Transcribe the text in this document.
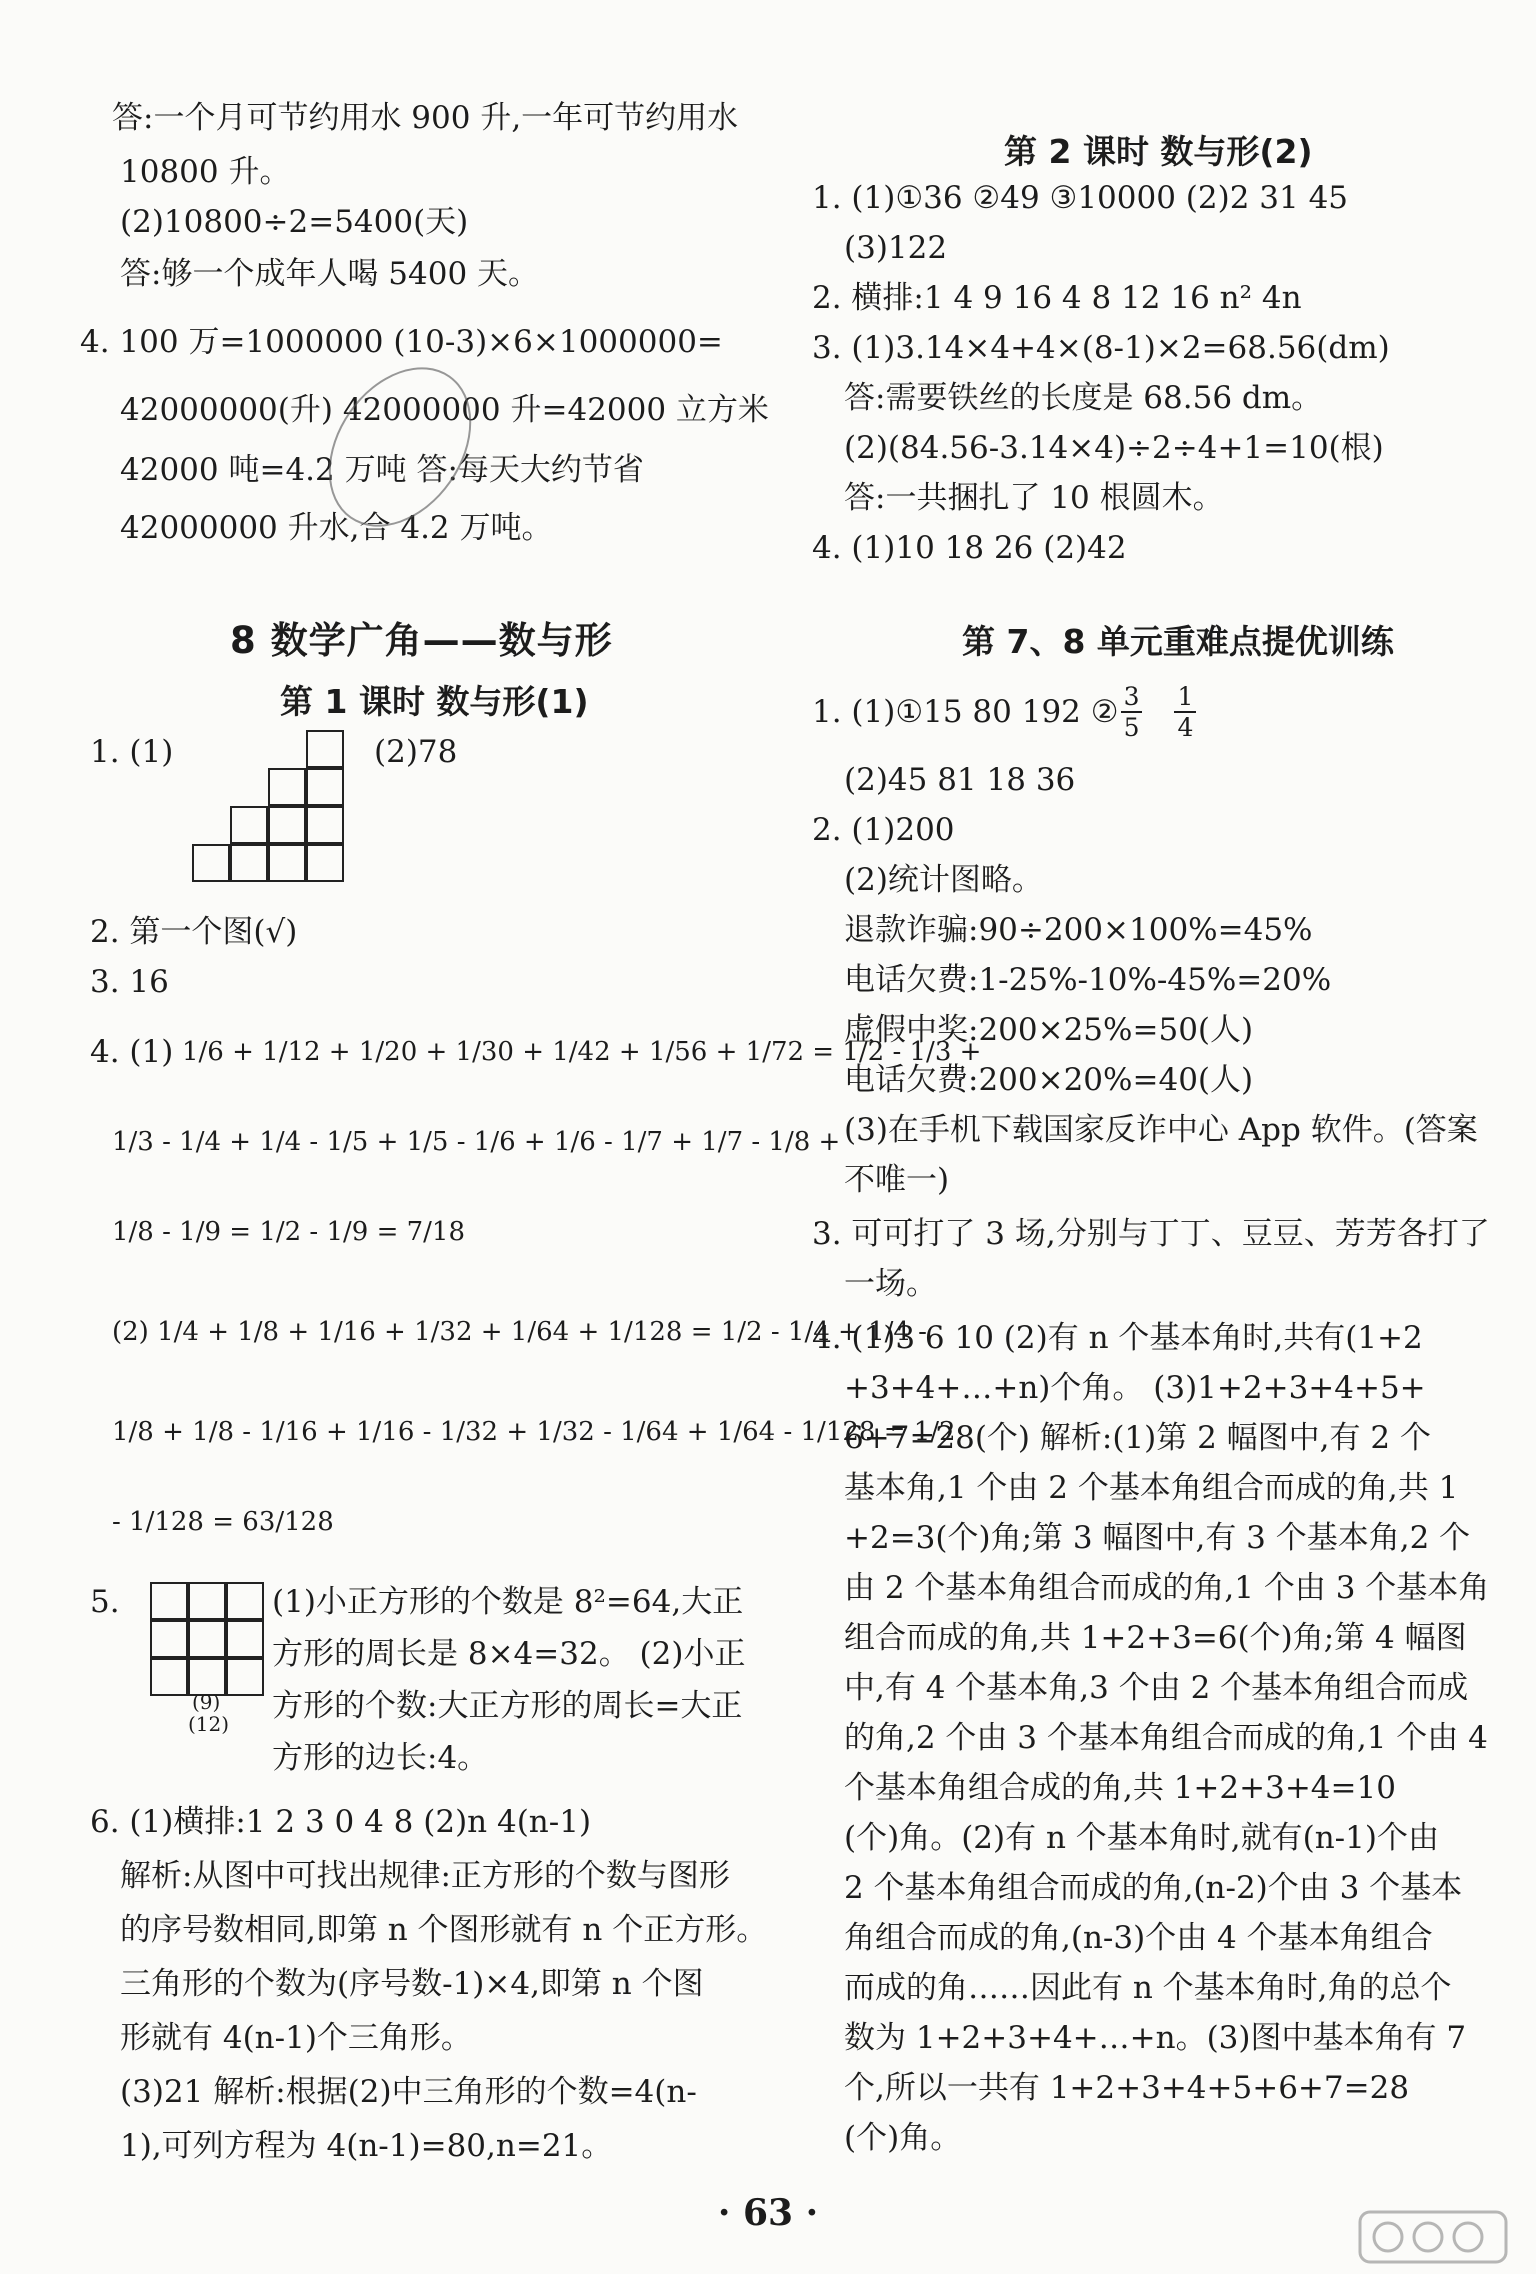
答:一个月可节约用水 900 升,一年可节约用水
10800 升。
(2)10800÷2=5400(天)
答:够一个成年人喝 5400 天。
4. 100 万=1000000 (10-3)×6×1000000=
42000000(升) 42000000 升=42000 立方米
42000 吨=4.2 万吨 答:每天大约节省
42000000 升水,合 4.2 万吨。
8 数学广角——数与形
第 1 课时 数与形(1)
1. (1)	(2)78
2. 第一个图(√)
3. 16
4. (1) 1/6 + 1/12 + 1/20 + 1/30 + 1/42 + 1/56 + 1/72 = 1/2 - 1/3 +
1/3 - 1/4 + 1/4 - 1/5 + 1/5 - 1/6 + 1/6 - 1/7 + 1/7 - 1/8 +
1/8 - 1/9 = 1/2 - 1/9 = 7/18
(2) 1/4 + 1/8 + 1/16 + 1/32 + 1/64 + 1/128 = 1/2 - 1/4 + 1/4 -
1/8 + 1/8 - 1/16 + 1/16 - 1/32 + 1/32 - 1/64 + 1/64 - 1/128 = 1/2
- 1/128 = 63/128
5.
(9)
(12)
(1)小正方形的个数是 8²=64,大正
方形的周长是 8×4=32。 (2)小正
方形的个数:大正方形的周长=大正
方形的边长:4。
6. (1)横排:1 2 3 0 4 8 (2)n 4(n-1)
解析:从图中可找出规律:正方形的个数与图形
的序号数相同,即第 n 个图形就有 n 个正方形。
三角形的个数为(序号数-1)×4,即第 n 个图
形就有 4(n-1)个三角形。
(3)21 解析:根据(2)中三角形的个数=4(n-
1),可列方程为 4(n-1)=80,n=21。
第 2 课时 数与形(2)
1. (1)①36 ②49 ③10000 (2)2 31 45
(3)122
2. 横排:1 4 9 16 4 8 12 16 n² 4n
3. (1)3.14×4+4×(8-1)×2=68.56(dm)
答:需要铁丝的长度是 68.56 dm。
(2)(84.56-3.14×4)÷2÷4+1=10(根)
答:一共捆扎了 10 根圆木。
4. (1)10 18 26 (2)42
第 7、8 单元重难点提优训练
1. (1)①15 80 192 ② $\frac{3}{5} \frac{1}{4}$
(2)45 81 18 36
2. (1)200
(2)统计图略。
退款诈骗:90÷200×100%=45%
电话欠费:1-25%-10%-45%=20%
虚假中奖:200×25%=50(人)
电话欠费:200×20%=40(人)
(3)在手机下载国家反诈中心 App 软件。(答案
不唯一)
3. 可可打了 3 场,分别与丁丁、豆豆、芳芳各打了
一场。
4. (1)3 6 10 (2)有 n 个基本角时,共有(1+2
+3+4+…+n)个角。 (3)1+2+3+4+5+
6+7=28(个) 解析:(1)第 2 幅图中,有 2 个
基本角,1 个由 2 个基本角组合而成的角,共 1
+2=3(个)角;第 3 幅图中,有 3 个基本角,2 个
由 2 个基本角组合而成的角,1 个由 3 个基本角
组合而成的角,共 1+2+3=6(个)角;第 4 幅图
中,有 4 个基本角,3 个由 2 个基本角组合而成
的角,2 个由 3 个基本角组合而成的角,1 个由 4
个基本角组合成的角,共 1+2+3+4=10
(个)角。(2)有 n 个基本角时,就有(n-1)个由
2 个基本角组合而成的角,(n-2)个由 3 个基本
角组合而成的角,(n-3)个由 4 个基本角组合
而成的角……因此有 n 个基本角时,角的总个
数为 1+2+3+4+…+n。(3)图中基本角有 7
个,所以一共有 1+2+3+4+5+6+7=28
(个)角。
· 63 ·
